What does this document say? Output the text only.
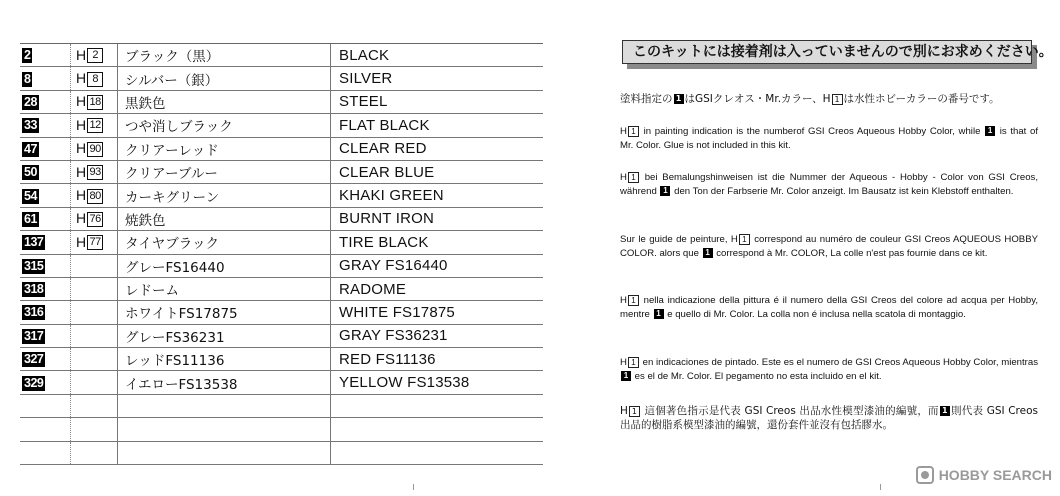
2	H 2	ブラック（黒）	BLACK
8	H 8	シルバー（銀）	SILVER
28	H 18	黒鉄色	STEEL
33	H 12	つや消しブラック	FLAT BLACK
47	H 90	クリアーレッド	CLEAR RED
50	H 93	クリアーブルー	CLEAR BLUE
54	H 80	カーキグリーン	KHAKI GREEN
61	H 76	焼鉄色	BURNT IRON
137	H 77	タイヤブラック	TIRE BLACK
315		グレーFS16440	GRAY FS16440
318		レドーム	RADOME
316		ホワイトFS17875	WHITE FS17875
317		グレーFS36231	GRAY FS36231
327		レッドFS11136	RED FS11136
329		イエローFS13538	YELLOW FS13538

このキットには接着剤は入っていませんので別にお求めください。

塗料指定の 1 はGSIクレオス・Mr.カラー、H 1 は水性ホビーカラーの番号です。

H 1 in painting indication is the numberof GSI Creos Aqueous Hobby Color, while 1 is that of Mr. Color. Glue is not included in this kit.

H 1 bei Bemalungshinweisen ist die Nummer der Aqueous - Hobby - Color von GSI Creos, während 1 den Ton der Farbserie Mr. Color anzeigt. Im Bausatz ist kein Klebstoff enthalten.

Sur le guide de peinture, H 1 correspond au numéro de couleur GSI Creos AQUEOUS HOBBY COLOR. alors que 1 correspond à Mr. COLOR, La colle n'est pas fournie dans ce kit.

H 1 nella indicazione della pittura é il numero della GSI Creos del colore ad acqua per Hobby, mentre 1 e quello di Mr. Color. La colla non é inclusa nella scatola di montaggio.

H 1 en indicaciones de pintado. Este es el numero de GSI Creos Aqueous Hobby Color, mientras 1 es el de Mr. Color. El pegamento no esta incluido en el kit.

H 1 這個著色指示是代表 GSI Creos 出品水性模型漆油的編號，而 1 則代表 GSI Creos 出品的樹脂系模型漆油的編號，還份套件並沒有包括膠水。

HOBBY SEARCH
